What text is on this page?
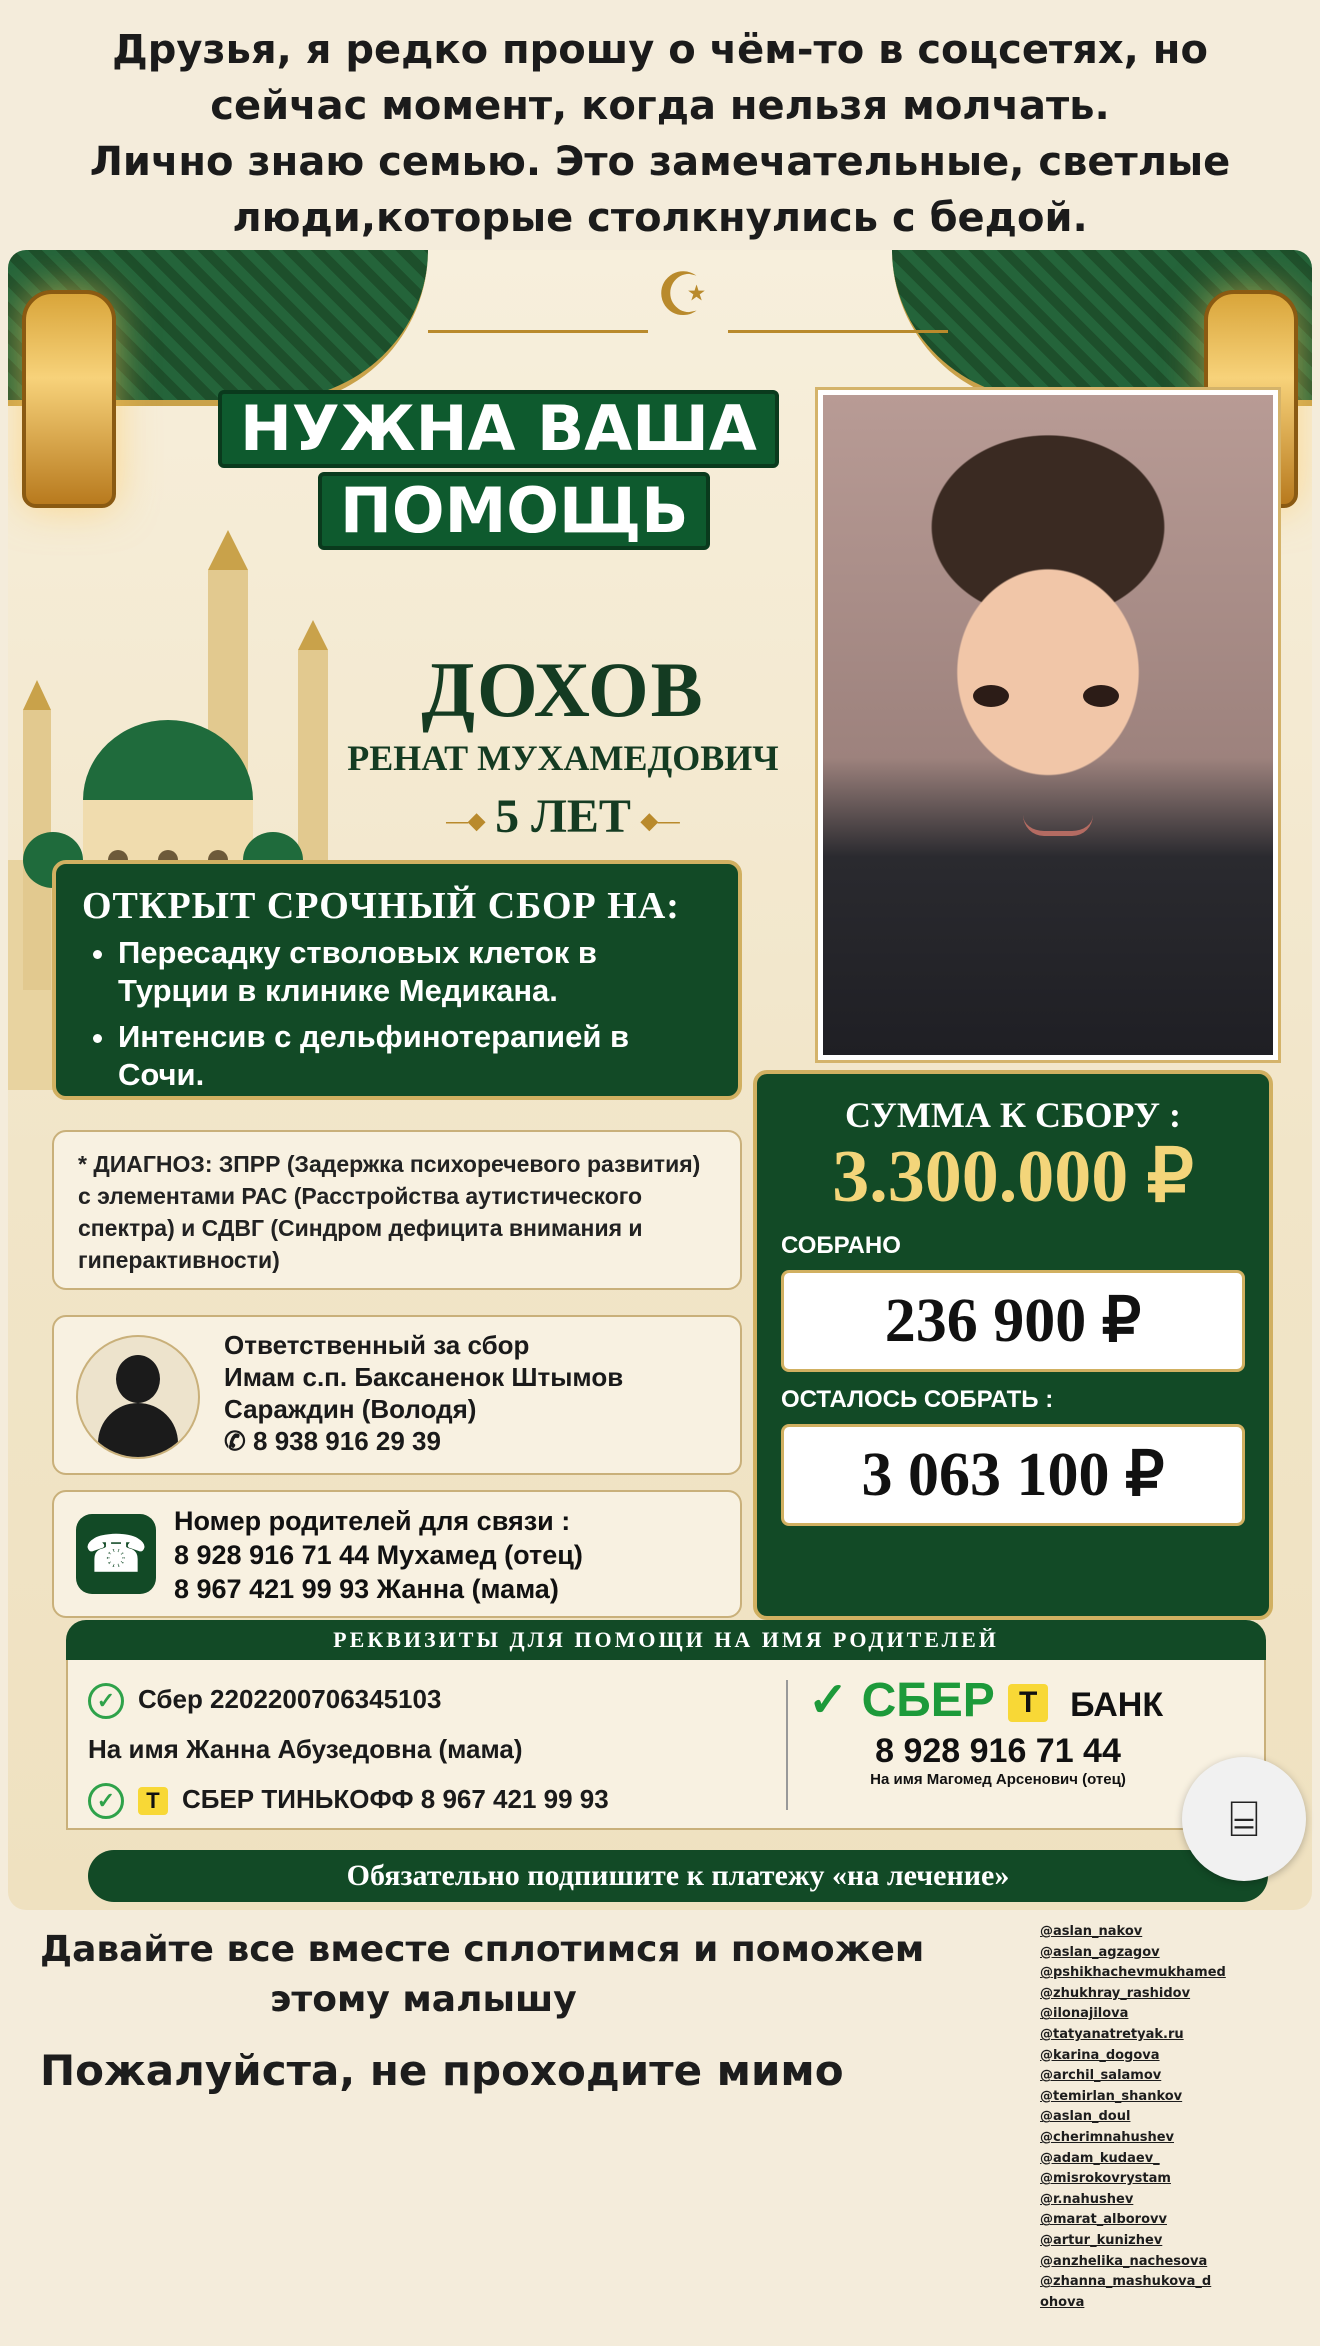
Друзья, я редко прошу о чём-то в соцсетях, но
сейчас момент, когда нельзя молчать.
Лично знаю семью. Это замечательные, светлые
люди,которые столкнулись с бедой.
☪
НУЖНА ВАША
ПОМОЩЬ
ДОХОВ
РЕНАТ МУХАМЕДОВИЧ
—◆ 5 ЛЕТ ◆—
ОТКРЫТ СРОЧНЫЙ СБОР НА:
• Пересадку стволовых клеток в Турции в клинике Медикана.
• Интенсив с дельфинотерапией в Сочи.
* ДИАГНОЗ: ЗПРР (Задержка психоречевого развития) с элементами РАС (Расстройства аутистического спектра) и СДВГ (Синдром дефицита внимания и гиперактивности)
Ответственный за сбор
Имам с.п. Баксаненок Штымов
Сараждин (Володя)
✆ 8 938 916 29 39
☎
Номер родителей для связи :
8 928 916 71 44 Мухамед (отец)
8 967 421 99 93 Жанна (мама)
СУММА К СБОРУ :
3.300.000 ₽
СОБРАНО
236 900 ₽
ОСТАЛОСЬ СОБРАТЬ :
3 063 100 ₽
РЕКВИЗИТЫ ДЛЯ ПОМОЩИ НА ИМЯ РОДИТЕЛЕЙ
✓ Сбер 2202200706345103
На имя Жанна Абузедовна (мама)
✓ T СБЕР ТИНЬКОФФ 8 967 421 99 93
✓ СБЕР Т БАНК
8 928 916 71 44
На имя Магомед Арсенович (отец)
Обязательно подпишите к платежу «на лечение»
⌸
Давайте все вместе сплотимся и поможем
этому малышу
Пожалуйста, не проходите мимо
@aslan_nakov
@aslan_agzagov
@pshikhachevmukhamed
@zhukhray_rashidov
@ilonajilova
@tatyanatretyak.ru
@karina_dogova
@archil_salamov
@temirlan_shankov
@aslan_doul
@cherimnahushev
@adam_kudaev_
@misrokovrystam
@r.nahushev
@marat_alborovv
@artur_kunizhev
@anzhelika_nachesova
@zhanna_mashukova_d
ohova
